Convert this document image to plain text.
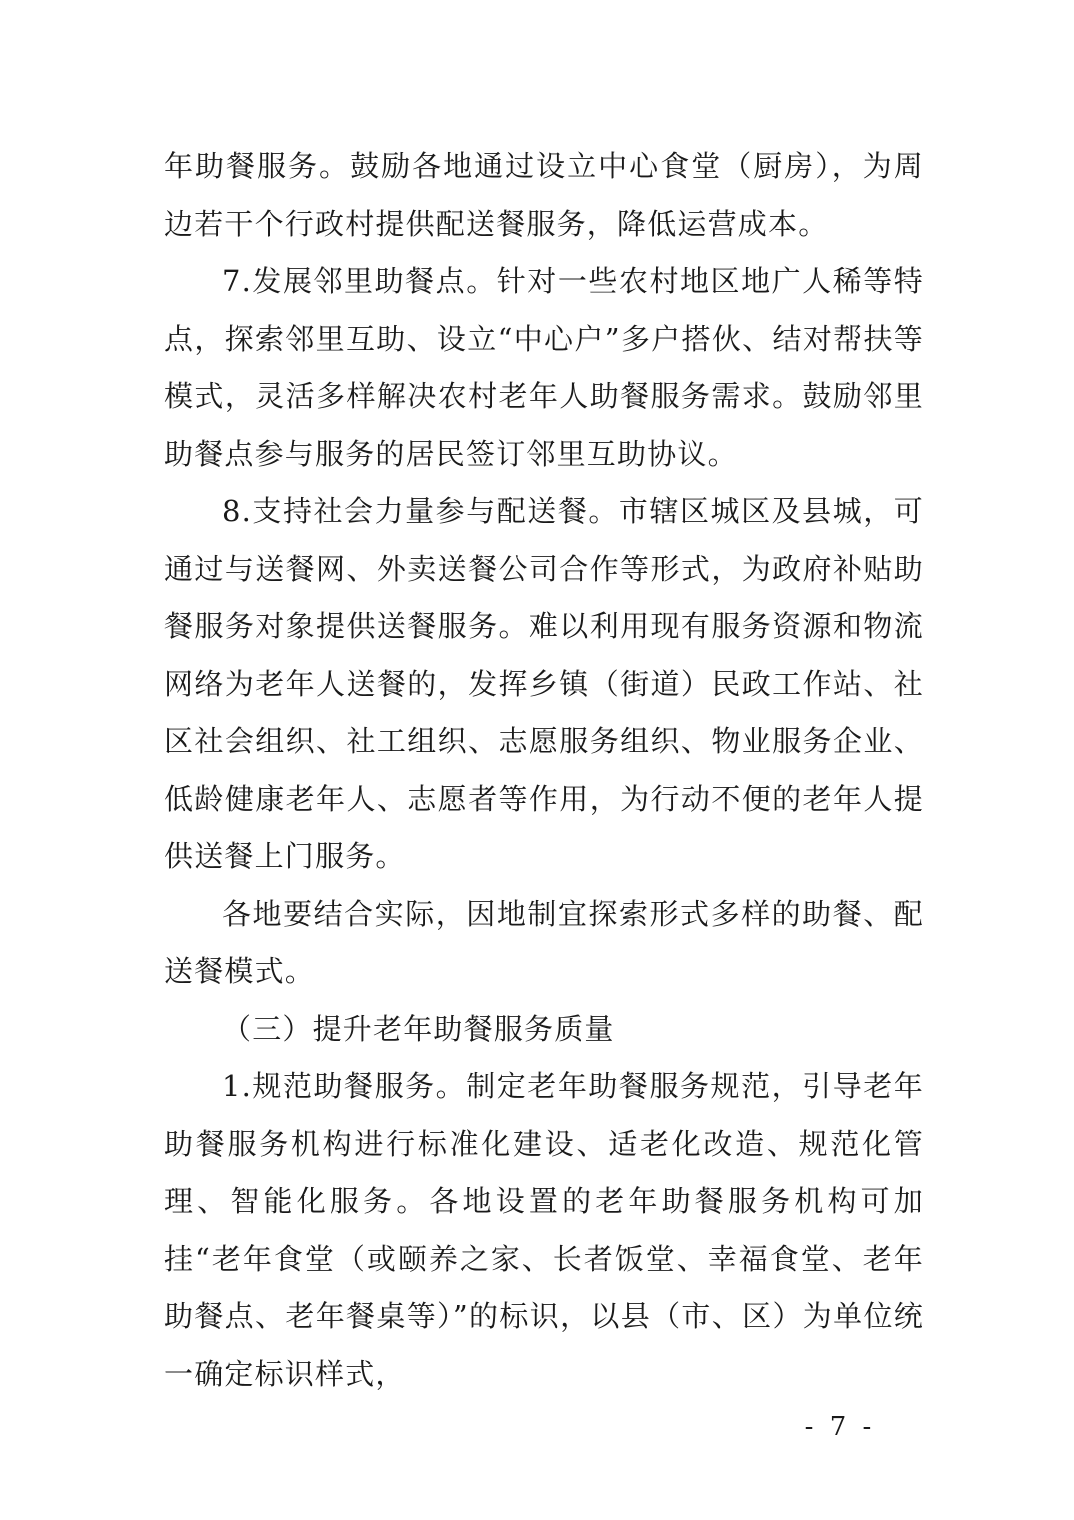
年助餐服务。鼓励各地通过设立中心食堂（厨房），为周边若干个行政村提供配送餐服务，降低运营成本。

7.发展邻里助餐点。针对一些农村地区地广人稀等特点，探索邻里互助、设立“中心户”多户搭伙、结对帮扶等模式，灵活多样解决农村老年人助餐服务需求。鼓励邻里助餐点参与服务的居民签订邻里互助协议。

8.支持社会力量参与配送餐。市辖区城区及县城，可通过与送餐网、外卖送餐公司合作等形式，为政府补贴助餐服务对象提供送餐服务。难以利用现有服务资源和物流网络为老年人送餐的，发挥乡镇（街道）民政工作站、社区社会组织、社工组织、志愿服务组织、物业服务企业、低龄健康老年人、志愿者等作用，为行动不便的老年人提供送餐上门服务。

各地要结合实际，因地制宜探索形式多样的助餐、配送餐模式。

（三）提升老年助餐服务质量

1.规范助餐服务。制定老年助餐服务规范，引导老年助餐服务机构进行标准化建设、适老化改造、规范化管理、智能化服务。各地设置的老年助餐服务机构可加挂“老年食堂（或颐养之家、长者饭堂、幸福食堂、老年助餐点、老年餐桌等）”的标识，以县（市、区）为单位统一确定标识样式，

- 7 -
